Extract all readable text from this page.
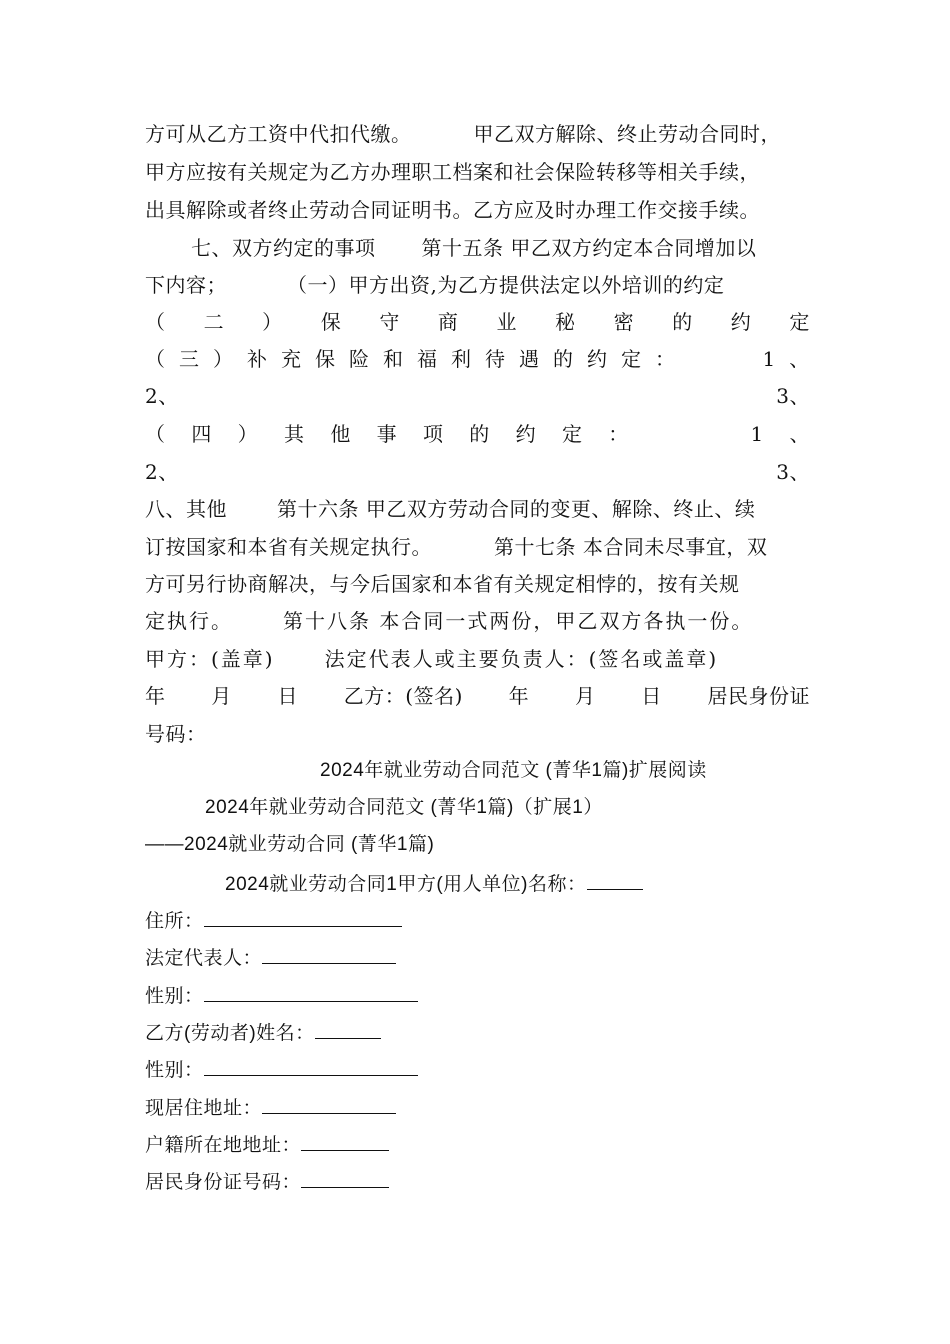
方可从乙方工资中代扣代缴。	甲乙双方解除、终止劳动合同时，
甲方应按有关规定为乙方办理职工档案和社会保险转移等相关手续，
出具解除或者终止劳动合同证明书。乙方应及时办理工作交接手续。
七、双方约定的事项 第十五条 甲乙双方约定本合同增加以
下内容；	（一）甲方出资,为乙方提供法定以外培训的约定
（ 二 ） 保 守 商 业 秘 密 的 约 定
（ 三 ） 补 充 保 险 和 福 利 待 遇 的 约 定 ：	1 、
2、	3、
（ 四 ） 其 他 事 项 的 约 定 ：	1 、
2、	3、
八、其他	第十六条 甲乙双方劳动合同的变更、解除、终止、续
订按国家和本省有关规定执行。	第十七条 本合同未尽事宜，双
方可另行协商解决，与今后国家和本省有关规定相悖的，按有关规
定执行。	第十八条 本合同一式两份，甲乙双方各执一份。
甲方：(盖章)	法定代表人或主要负责人：(签名或盖章)
年 月 日 乙方：(签名) 年 月 日 居民身份证
号码：
2024年就业劳动合同范文 (菁华1篇)扩展阅读
2024年就业劳动合同范文 (菁华1篇)（扩展1）
——2024就业劳动合同 (菁华1篇)
2024就业劳动合同1甲方(用人单位)名称：
住所：
法定代表人：
性别：
乙方(劳动者)姓名：
性别：
现居住地址：
户籍所在地地址：
居民身份证号码：
